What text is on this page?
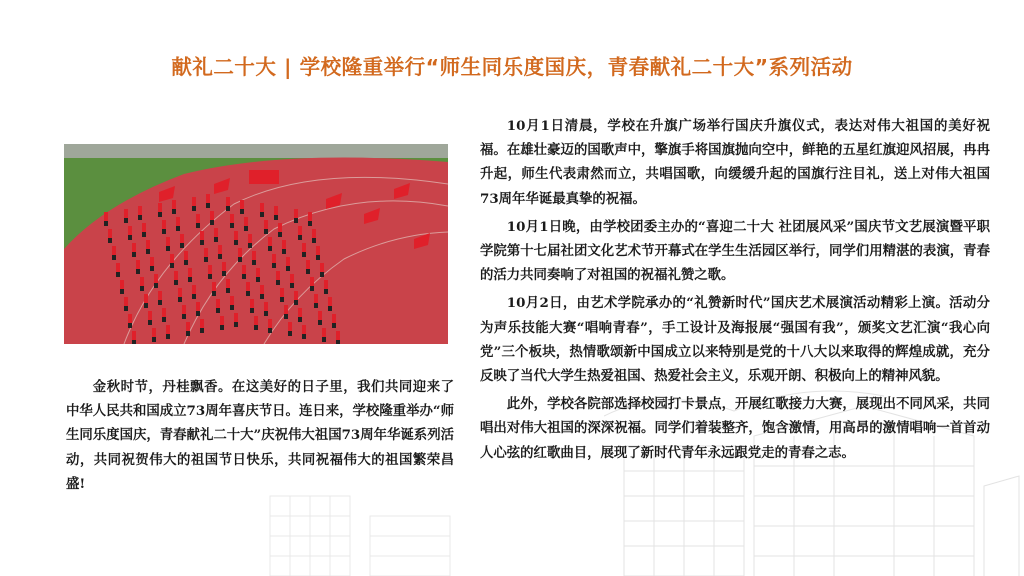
献礼二十大 | 学校隆重举行“师生同乐度国庆，青春献礼二十大”系列活动
金秋时节，丹桂飘香。在这美好的日子里，我们共同迎来了中华人民共和国成立73周年喜庆节日。连日来，学校隆重举办“师生同乐度国庆，青春献礼二十大”庆祝伟大祖国73周年华诞系列活动，共同祝贺伟大的祖国节日快乐，共同祝福伟大的祖国繁荣昌盛!

10月1日清晨，学校在升旗广场举行国庆升旗仪式，表达对伟大祖国的美好祝福。在雄壮豪迈的国歌声中，擎旗手将国旗抛向空中，鲜艳的五星红旗迎风招展，冉冉升起，师生代表肃然而立，共唱国歌，向缓缓升起的国旗行注目礼，送上对伟大祖国73周年华诞最真挚的祝福。

10月1日晚，由学校团委主办的“喜迎二十大 社团展风采”国庆节文艺展演暨平职学院第十七届社团文化艺术节开幕式在学生生活园区举行，同学们用精湛的表演，青春的活力共同奏响了对祖国的祝福礼赞之歌。

10月2日，由艺术学院承办的“礼赞新时代”国庆艺术展演活动精彩上演。活动分为声乐技能大赛“唱响青春”，手工设计及海报展“强国有我”，颁奖文艺汇演“我心向党”三个板块，热情歌颂新中国成立以来特别是党的十八大以来取得的辉煌成就，充分反映了当代大学生热爱祖国、热爱社会主义，乐观开朗、积极向上的精神风貌。

此外，学校各院部选择校园打卡景点，开展红歌接力大赛，展现出不同风采，共同唱出对伟大祖国的深深祝福。同学们着装整齐，饱含激情，用高昂的激情唱响一首首动人心弦的红歌曲目，展现了新时代青年永远跟党走的青春之志。
